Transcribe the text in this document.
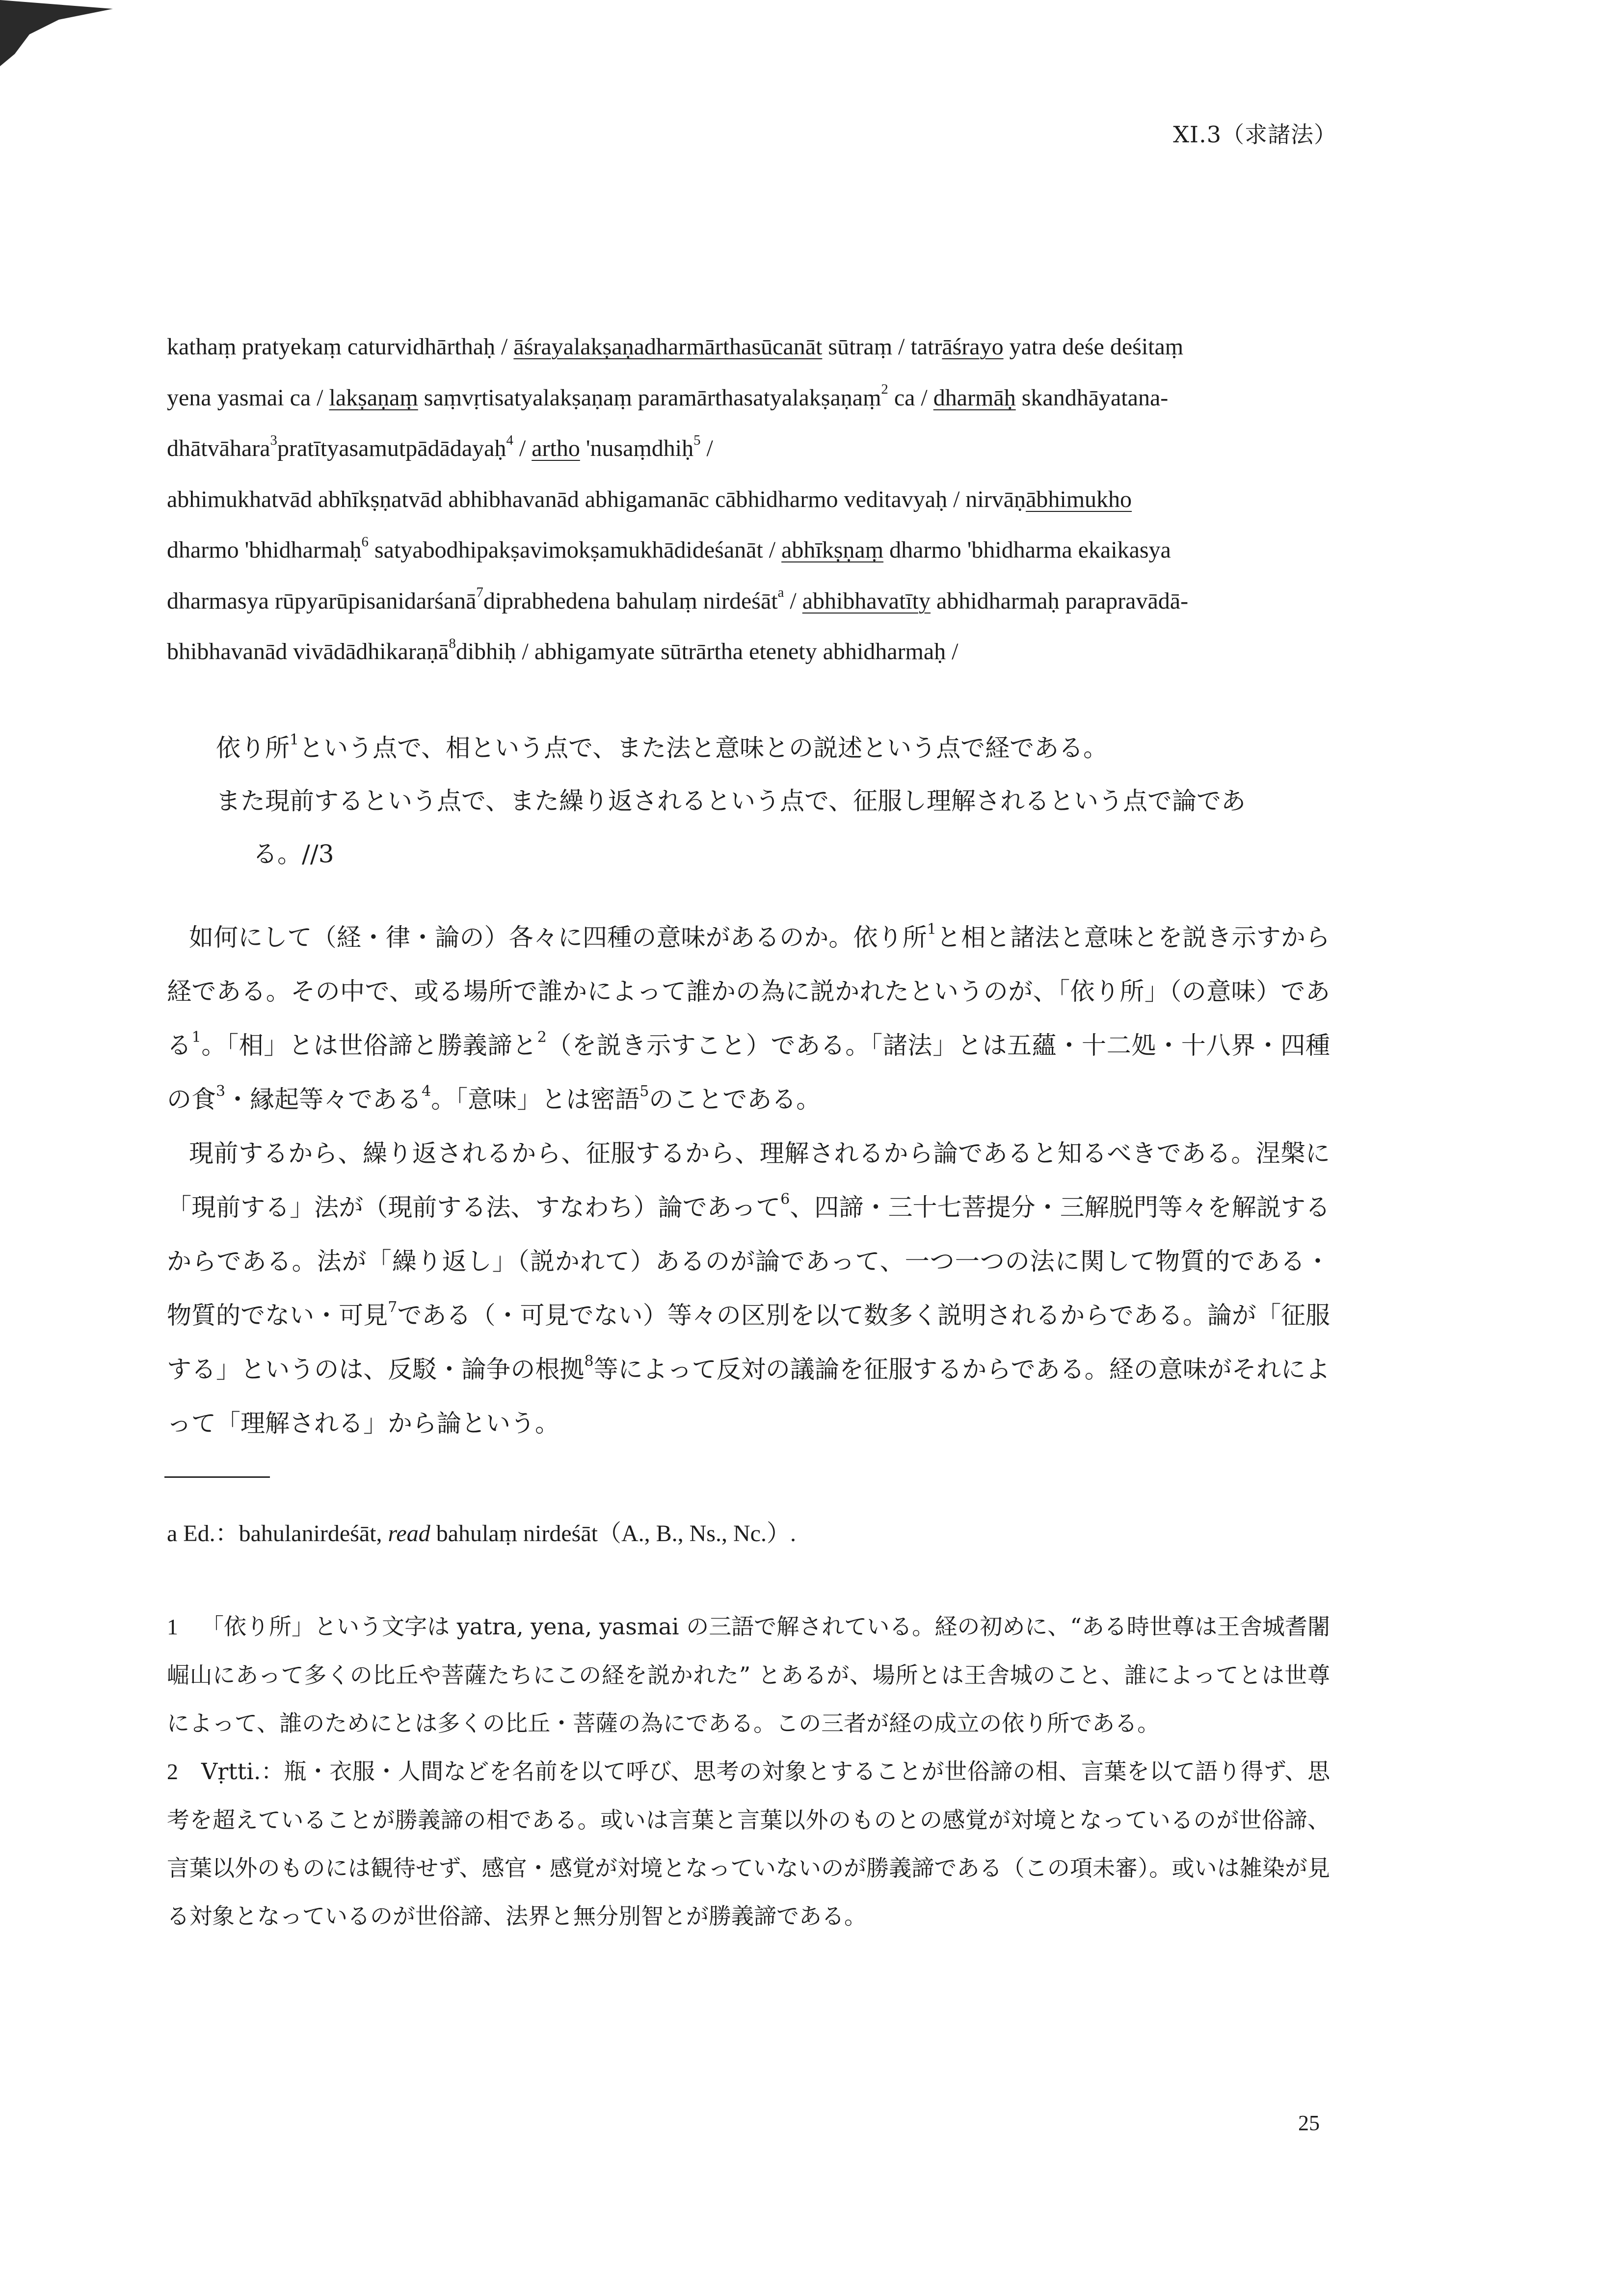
XI.3（求諸法）

kathaṃ pratyekaṃ caturvidhārthaḥ / āśrayalakṣaṇadharmārthasūcanāt sūtraṃ / tatrāśrayo yatra deśe deśitaṃ

yena yasmai ca / lakṣaṇaṃ saṃvṛtisatyalakṣaṇaṃ paramārthasatyalakṣaṇaṃ$^2$ ca / dharmāḥ skandhāyatana-

dhātvāhara$^3$pratītyasamutpādādayaḥ$^4$ / artho 'nusaṃdhiḥ$^5$ /

abhimukhatvād abhīkṣṇatvād abhibhavanād abhigamanāc cābhidharmo veditavyaḥ / nirvāṇābhimukho

dharmo 'bhidharmaḥ$^6$ satyabodhipakṣavimokṣamukhādideśanāt / abhīkṣṇaṃ dharmo 'bhidharma ekaikasya

dharmasya rūpyarūpisanidarśanā$^7$diprabhedena bahulaṃ nirdeśāt$^a$ / abhibhavatīty abhidharmaḥ parapravādā-

bhibhavanād vivādādhikaraṇā$^8$dibhiḥ / abhigamyate sūtrārtha etenety abhidharmaḥ /

依り所$^1$という点で、相という点で、また法と意味との説述という点で経である。

また現前するという点で、また繰り返されるという点で、征服し理解されるという点で論であ

る。//3

如何にして（経・律・論の）各々に四種の意味があるのか。依り所$^1$と相と諸法と意味とを説き示すから経である。その中で、或る場所で誰かによって誰かの為に説かれたというのが、「依り所」（の意味）である$^1$。「相」とは世俗諦と勝義諦と$^2$（を説き示すこと）である。「諸法」とは五蘊・十二処・十八界・四種の食$^3$・縁起等々である$^4$。「意味」とは密語$^5$のことである。

現前するから、繰り返されるから、征服するから、理解されるから論であると知るべきである。涅槃に「現前する」法が（現前する法、すなわち）論であって$^6$、四諦・三十七菩提分・三解脱門等々を解説するからである。法が「繰り返し」（説かれて）あるのが論であって、一つ一つの法に関して物質的である・物質的でない・可見$^7$である（・可見でない）等々の区別を以て数多く説明されるからである。論が「征服する」というのは、反駁・論争の根拠$^8$等によって反対の議論を征服するからである。経の意味がそれによって「理解される」から論という。

a Ed.：bahulanirdeśāt, read bahulaṃ nirdeśāt（A., B., Ns., Nc.）.

1 「依り所」という文字は yatra, yena, yasmai の三語で解されている。経の初めに、“ある時世尊は王舎城耆闍崛山にあって多くの比丘や菩薩たちにこの経を説かれた” とあるが、場所とは王舎城のこと、誰によってとは世尊によって、誰のためにとは多くの比丘・菩薩の為にである。この三者が経の成立の依り所である。

2 Vṛtti.：瓶・衣服・人間などを名前を以て呼び、思考の対象とすることが世俗諦の相、言葉を以て語り得ず、思考を超えていることが勝義諦の相である。或いは言葉と言葉以外のものとの感覚が対境となっているのが世俗諦、言葉以外のものには観待せず、感官・感覚が対境となっていないのが勝義諦である（この項未審）。或いは雑染が見る対象となっているのが世俗諦、法界と無分別智とが勝義諦である。

25
